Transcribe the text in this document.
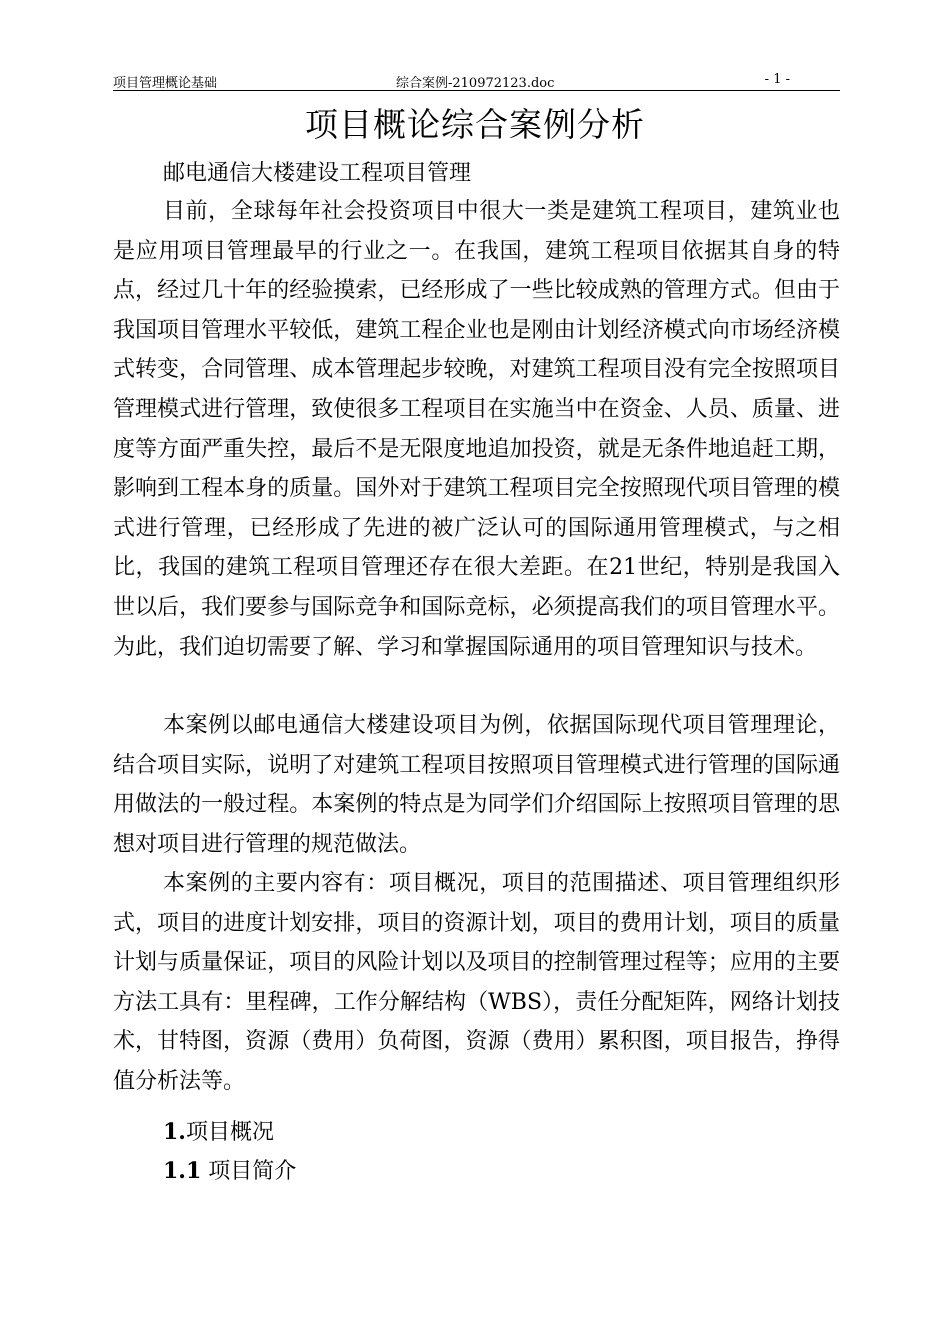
项目管理概论基础	综合案例-210972123.doc	- 1 -
项目概论综合案例分析
邮电通信大楼建设工程项目管理

目前，全球每年社会投资项目中很大一类是建筑工程项目，建筑业也是应用项目管理最早的行业之一。在我国，建筑工程项目依据其自身的特点，经过几十年的经验摸索，已经形成了一些比较成熟的管理方式。但由于我国项目管理水平较低，建筑工程企业也是刚由计划经济模式向市场经济模式转变，合同管理、成本管理起步较晚，对建筑工程项目没有完全按照项目管理模式进行管理，致使很多工程项目在实施当中在资金、人员、质量、进度等方面严重失控，最后不是无限度地追加投资，就是无条件地追赶工期，影响到工程本身的质量。国外对于建筑工程项目完全按照现代项目管理的模式进行管理，已经形成了先进的被广泛认可的国际通用管理模式，与之相比，我国的建筑工程项目管理还存在很大差距。在21世纪，特别是我国入世以后，我们要参与国际竞争和国际竞标，必须提高我们的项目管理水平。为此，我们迫切需要了解、学习和掌握国际通用的项目管理知识与技术。

本案例以邮电通信大楼建设项目为例，依据国际现代项目管理理论，结合项目实际，说明了对建筑工程项目按照项目管理模式进行管理的国际通用做法的一般过程。本案例的特点是为同学们介绍国际上按照项目管理的思想对项目进行管理的规范做法。

本案例的主要内容有：项目概况，项目的范围描述、项目管理组织形式，项目的进度计划安排，项目的资源计划，项目的费用计划，项目的质量计划与质量保证，项目的风险计划以及项目的控制管理过程等；应用的主要方法工具有：里程碑，工作分解结构（WBS），责任分配矩阵，网络计划技术，甘特图，资源（费用）负荷图，资源（费用）累积图，项目报告，挣得值分析法等。

1.项目概况
1.1 项目简介
